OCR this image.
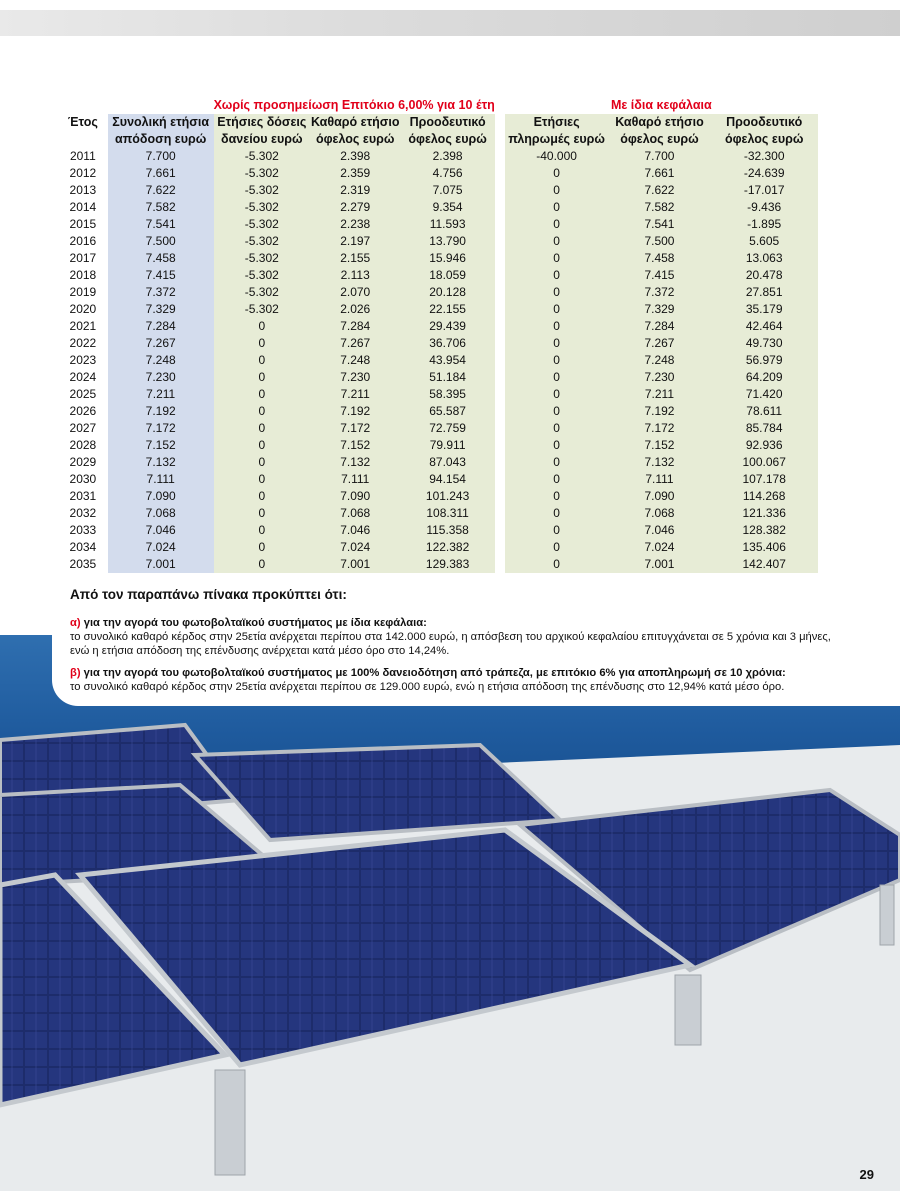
		Χωρίς προσημείωση Επιτόκιο 6,00% για 10 έτη				Με ίδια κεφάλαια		
Έτος	Συνολική ετήσια	Ετήσιες δόσεις	Καθαρό ετήσιο	Προοδευτικό		Ετήσιες	Καθαρό ετήσιο	Προοδευτικό
	απόδοση ευρώ	δανείου ευρώ	όφελος ευρώ	όφελος ευρώ		πληρωμές ευρώ	όφελος ευρώ	όφελος ευρώ
2011	7.700	-5.302	2.398	2.398		-40.000	7.700	-32.300
2012	7.661	-5.302	2.359	4.756		0	7.661	-24.639
2013	7.622	-5.302	2.319	7.075		0	7.622	-17.017
2014	7.582	-5.302	2.279	9.354		0	7.582	-9.436
2015	7.541	-5.302	2.238	11.593		0	7.541	-1.895
2016	7.500	-5.302	2.197	13.790		0	7.500	5.605
2017	7.458	-5.302	2.155	15.946		0	7.458	13.063
2018	7.415	-5.302	2.113	18.059		0	7.415	20.478
2019	7.372	-5.302	2.070	20.128		0	7.372	27.851
2020	7.329	-5.302	2.026	22.155		0	7.329	35.179
2021	7.284	0	7.284	29.439		0	7.284	42.464
2022	7.267	0	7.267	36.706		0	7.267	49.730
2023	7.248	0	7.248	43.954		0	7.248	56.979
2024	7.230	0	7.230	51.184		0	7.230	64.209
2025	7.211	0	7.211	58.395		0	7.211	71.420
2026	7.192	0	7.192	65.587		0	7.192	78.611
2027	7.172	0	7.172	72.759		0	7.172	85.784
2028	7.152	0	7.152	79.911		0	7.152	92.936
2029	7.132	0	7.132	87.043		0	7.132	100.067
2030	7.111	0	7.111	94.154		0	7.111	107.178
2031	7.090	0	7.090	101.243		0	7.090	114.268
2032	7.068	0	7.068	108.311		0	7.068	121.336
2033	7.046	0	7.046	115.358		0	7.046	128.382
2034	7.024	0	7.024	122.382		0	7.024	135.406
2035	7.001	0	7.001	129.383		0	7.001	142.407
Από τον παραπάνω πίνακα προκύπτει ότι:

α) για την αγορά του φωτοβολταϊκού συστήματος με ίδια κεφάλαια:

το συνολικό καθαρό κέρδος στην 25ετία ανέρχεται περίπου στα 142.000 ευρώ, η απόσβεση του αρχικού κεφαλαίου επιτυγχάνεται σε 5 χρόνια και 3 μήνες,
ενώ η ετήσια απόδοση της επένδυσης ανέρχεται κατά μέσο όρο στο 14,24%.

β) για την αγορά του φωτοβολταϊκού συστήματος με 100% δανειοδότηση από τράπεζα, με επιτόκιο 6% για αποπληρωμή σε 10 χρόνια:

το συνολικό καθαρό κέρδος στην 25ετία ανέρχεται περίπου σε 129.000 ευρώ, ενώ η ετήσια απόδοση της επένδυσης στο 12,94% κατά μέσο όρο.

29
